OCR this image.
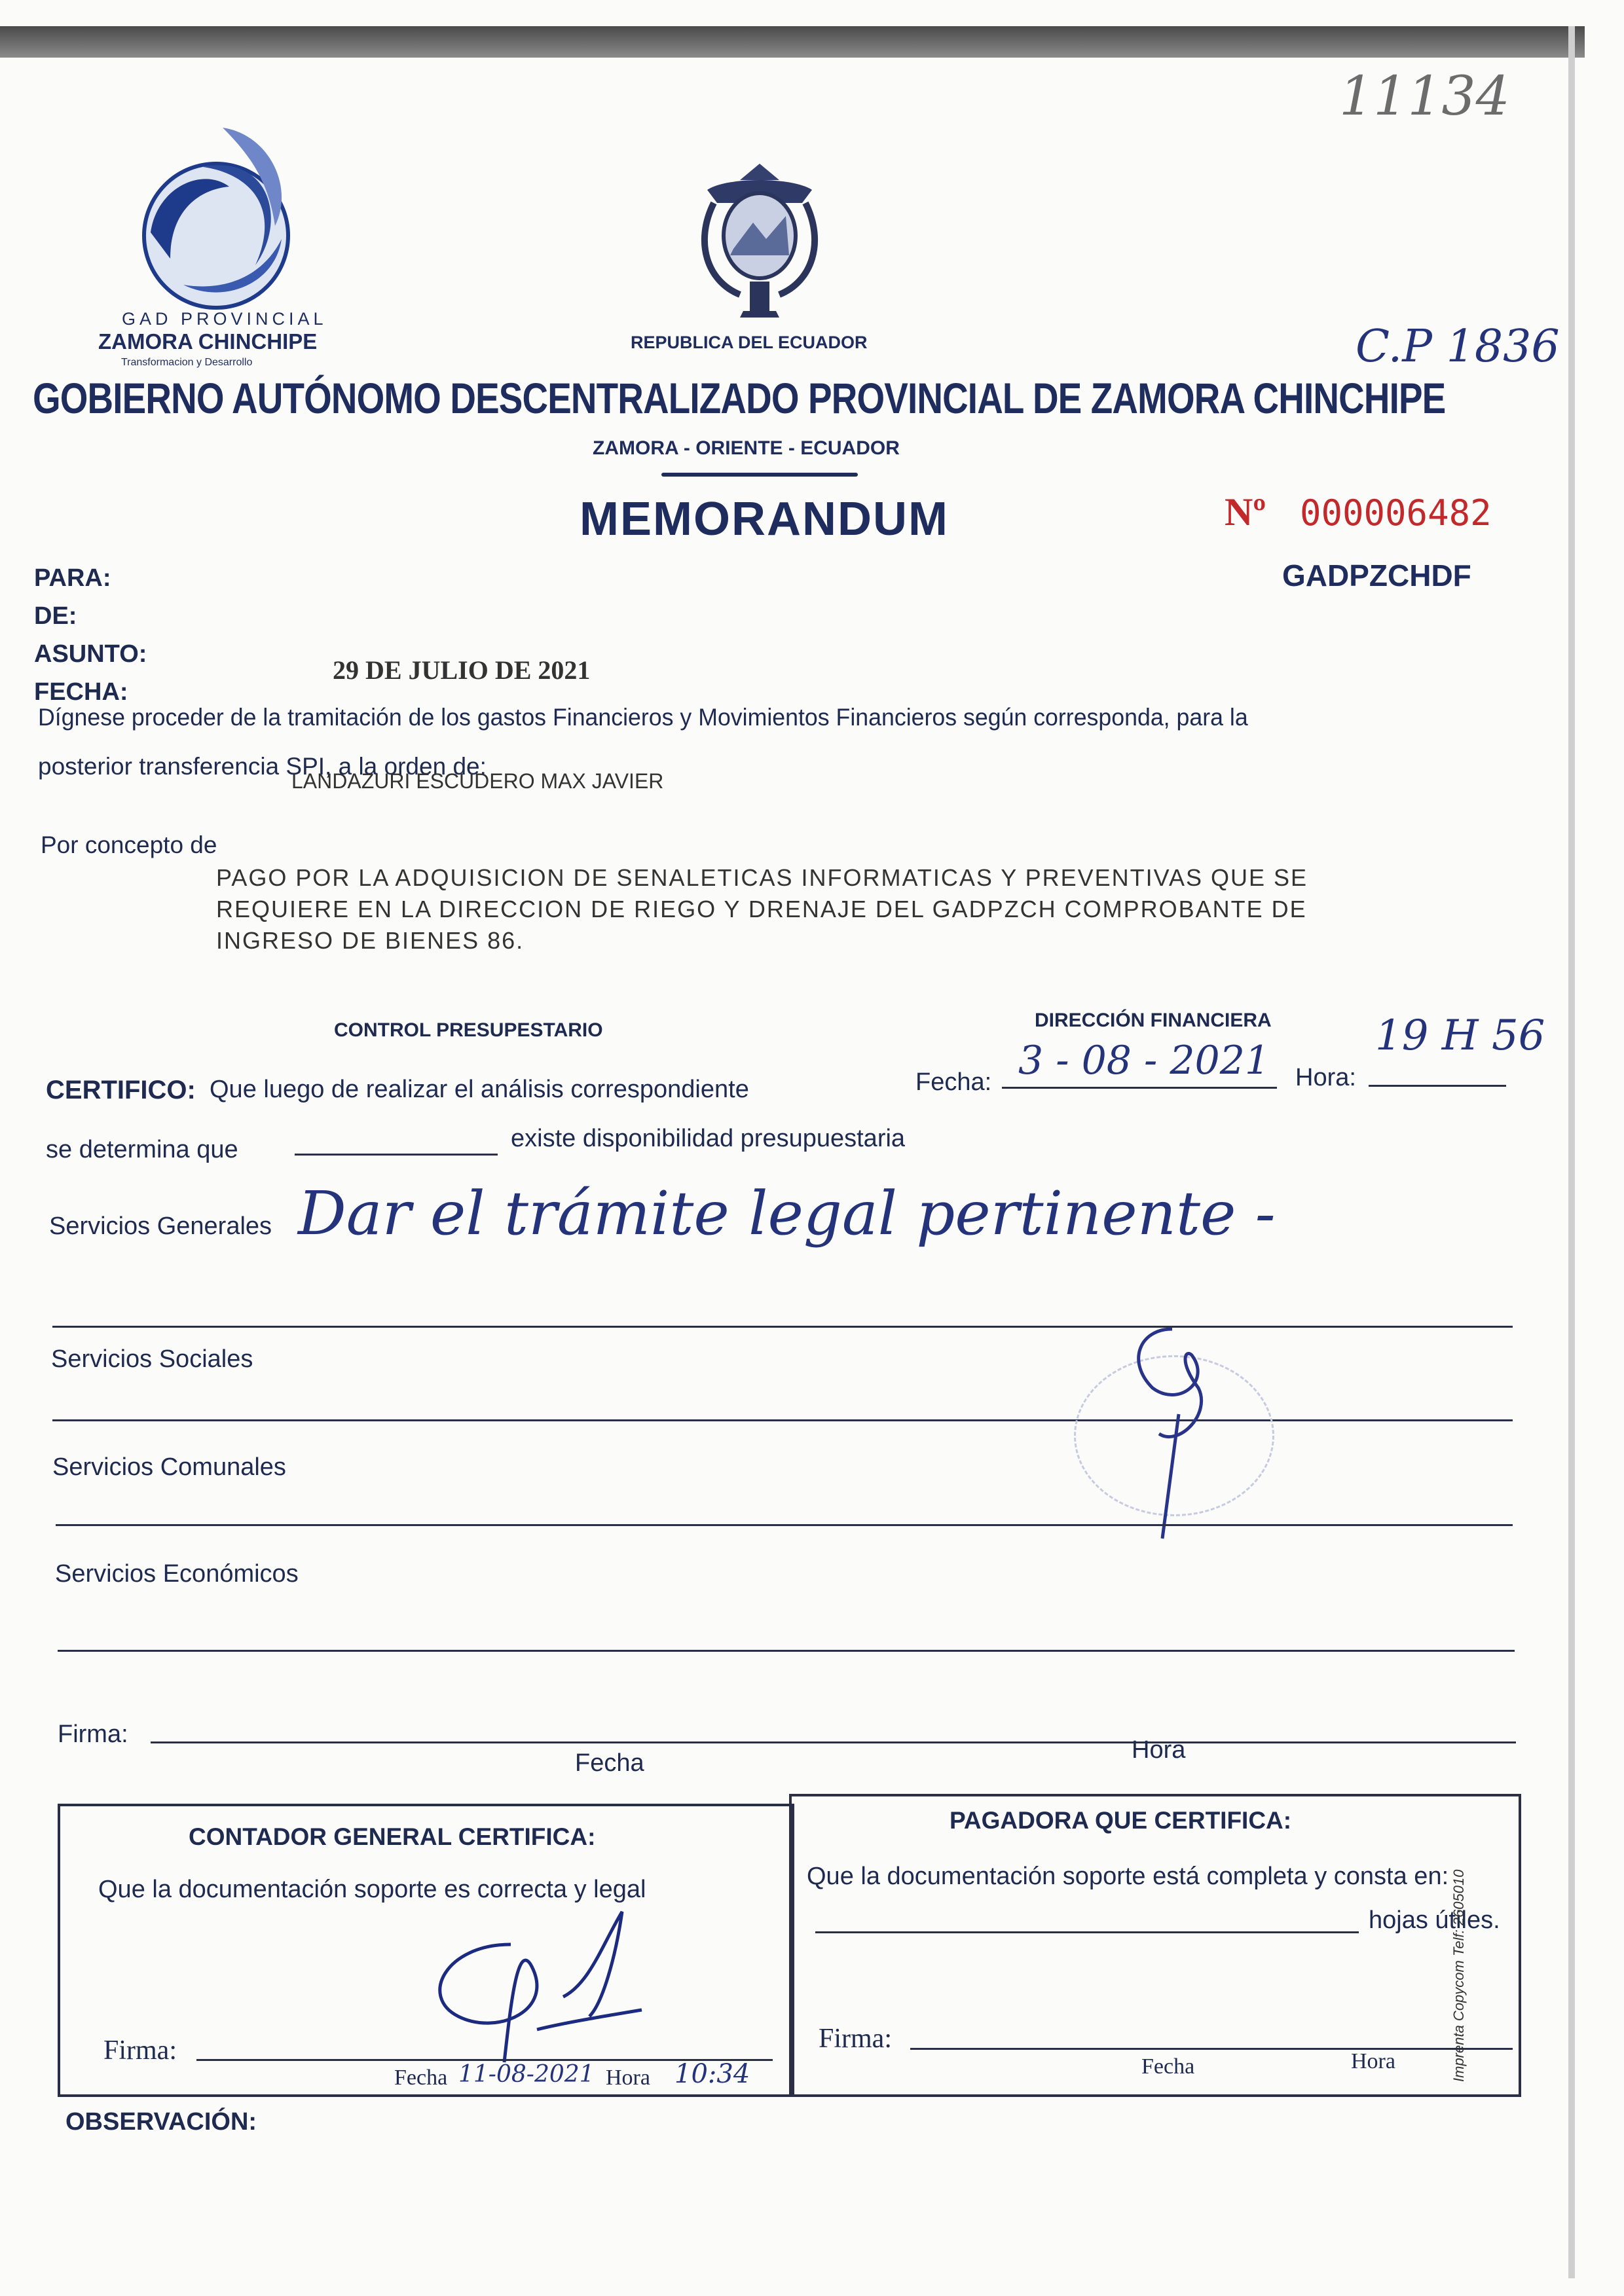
11134
GAD PROVINCIAL
ZAMORA CHINCHIPE
Transformacion y Desarrollo
REPUBLICA DEL ECUADOR	C.P 1836
GOBIERNO AUTÓNOMO DESCENTRALIZADO PROVINCIAL DE ZAMORA CHINCHIPE
ZAMORA - ORIENTE - ECUADOR
MEMORANDUM	Nº 000006482
GADPZCHDF
PARA:
DE:
ASUNTO:
FECHA:
29 DE JULIO DE 2021
Dígnese proceder de la tramitación de los gastos Financieros y Movimientos Financieros según corresponda, para la
posterior transferencia SPI, a la orden de:
LANDAZURI ESCUDERO MAX JAVIER
Por concepto de
PAGO POR LA ADQUISICION DE SENALETICAS INFORMATICAS Y PREVENTIVAS QUE SE
REQUIERE EN LA DIRECCION DE RIEGO Y DRENAJE DEL GADPZCH COMPROBANTE DE
INGRESO DE BIENES 86.
CONTROL PRESUPESTARIO	DIRECCIÓN FINANCIERA
CERTIFICO: Que luego de realizar el análisis correspondiente	Fecha: 3 - 08 - 2021 Hora:
19 H 56
se determina que	existe disponibilidad presupuestaria
Servicios Generales Dar el trámite legal pertinente -
Servicios Sociales
Servicios Comunales
Servicios Económicos
Firma:
Fecha	Hora
CONTADOR GENERAL CERTIFICA:
Que la documentación soporte es correcta y legal
Firma:
Fecha 11-08-2021 Hora 10:34
PAGADORA QUE CERTIFICA:
Que la documentación soporte está completa y consta en:
hojas útiles.
Firma:
Fecha	Hora	Imprenta Copycom Telf: 2605010
OBSERVACIÓN:
